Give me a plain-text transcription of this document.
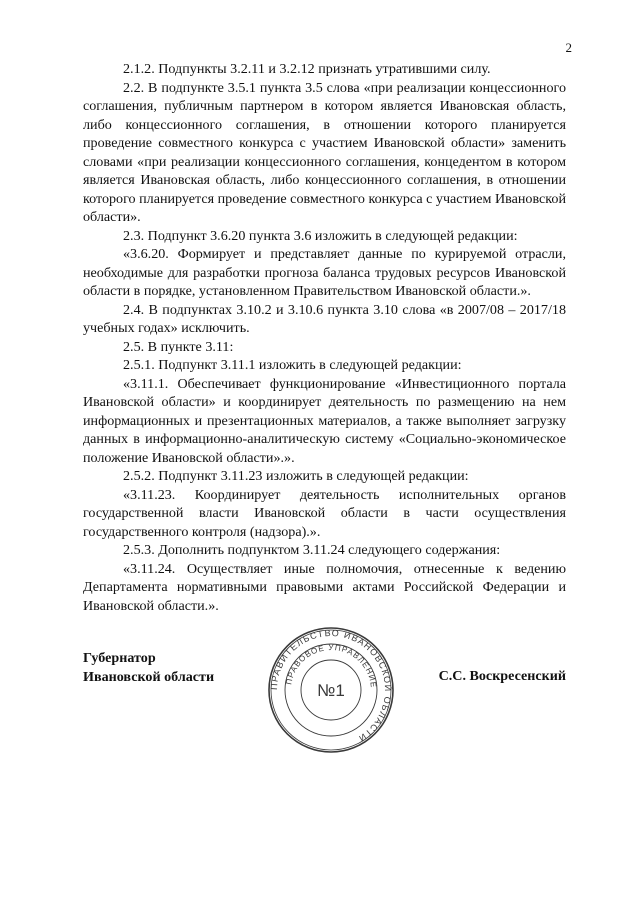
2

2.1.2. Подпункты 3.2.11 и 3.2.12 признать утратившими силу.

2.2. В подпункте 3.5.1 пункта 3.5 слова «при реализации концессионного соглашения, публичным партнером в котором является Ивановская область, либо концессионного соглашения, в отношении которого планируется проведение совместного конкурса с участием Ивановской области» заменить словами «при реализации концессионного соглашения, концедентом в котором является Ивановская область, либо концессионного соглашения, в отношении которого планируется проведение совместного конкурса с участием Ивановской области».

2.3. Подпункт 3.6.20 пункта 3.6 изложить в следующей редакции:

«3.6.20. Формирует и представляет данные по курируемой отрасли, необходимые для разработки прогноза баланса трудовых ресурсов Ивановской области в порядке, установленном Правительством Ивановской области.».

2.4. В подпунктах 3.10.2 и 3.10.6 пункта 3.10 слова «в 2007/08 – 2017/18 учебных годах» исключить.

2.5. В пункте 3.11:

2.5.1. Подпункт 3.11.1 изложить в следующей редакции:

«3.11.1. Обеспечивает функционирование «Инвестиционного портала Ивановской области» и координирует деятельность по размещению на нем информационных и презентационных материалов, а также выполняет загрузку данных в информационно-аналитическую систему «Социально-экономическое положение Ивановской области».».

2.5.2. Подпункт 3.11.23 изложить в следующей редакции:

«3.11.23. Координирует деятельность исполнительных органов государственной власти Ивановской области в части осуществления государственного контроля (надзора).».

2.5.3. Дополнить подпунктом 3.11.24 следующего содержания:

«3.11.24. Осуществляет иные полномочия, отнесенные к ведению Департамента нормативными правовыми актами Российской Федерации и Ивановской области.».

Губернатор
Ивановской области
ПРАВИТЕЛЬСТВО ИВАНОВСКОЙ ОБЛАСТИ
ПРАВОВОЕ УПРАВЛЕНИЕ
№1
С.С. Воскресенский
